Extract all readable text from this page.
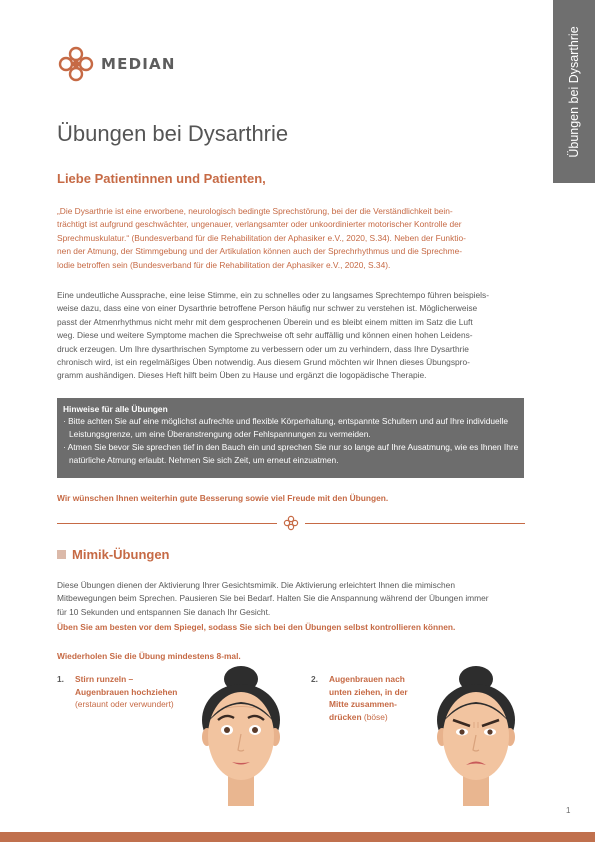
MEDIAN	Übungen bei Dysarthrie
Übungen bei Dysarthrie
Liebe Patientinnen und Patienten,
„Die Dysarthrie ist eine erworbene, neurologisch bedingte Sprechstörung, bei der die Verständlichkeit bein-
trächtigt ist aufgrund geschwächter, ungenauer, verlangsamter oder unkoordinierter motorischer Kontrolle der
Sprechmuskulatur.“ (Bundesverband für die Rehabilitation der Aphasiker e.V., 2020, S.34). Neben der Funktio-
nen der Atmung, der Stimmgebung und der Artikulation können auch der Sprechrhythmus und die Sprechme-
lodie betroffen sein (Bundesverband für die Rehabilitation der Aphasiker e.V., 2020, S.34).
Eine undeutliche Aussprache, eine leise Stimme, ein zu schnelles oder zu langsames Sprechtempo führen beispiels-
weise dazu, dass eine von einer Dysarthrie betroffene Person häufig nur schwer zu verstehen ist. Möglicherweise
passt der Atmenrhythmus nicht mehr mit dem gesprochenen Überein und es bleibt einem mitten im Satz die Luft
weg. Diese und weitere Symptome machen die Sprechweise oft sehr auffällig und können einen hohen Leidens-
druck erzeugen. Um Ihre dysarthrischen Symptome zu verbessern oder um zu verhindern, dass Ihre Dysarthrie
chronisch wird, ist ein regelmäßiges Üben notwendig. Aus diesem Grund möchten wir Ihnen dieses Übungspro-
gramm aushändigen. Dieses Heft hilft beim Üben zu Hause und ergänzt die logopädische Therapie.
Hinweise für alle Übungen
· Bitte achten Sie auf eine möglichst aufrechte und flexible Körperhaltung, entspannte Schultern und auf Ihre individuelle Leistungsgrenze, um eine Überanstrengung oder Fehlspannungen zu vermeiden.
· Atmen Sie bevor Sie sprechen tief in den Bauch ein und sprechen Sie nur so lange auf Ihre Ausatmung, wie es Ihnen Ihre natürliche Atmung erlaubt. Nehmen Sie sich Zeit, um erneut einzuatmen.
Wir wünschen Ihnen weiterhin gute Besserung sowie viel Freude mit den Übungen.
Mimik-Übungen
Diese Übungen dienen der Aktivierung Ihrer Gesichtsmimik. Die Aktivierung erleichtert Ihnen die mimischen
Mitbewegungen beim Sprechen. Pausieren Sie bei Bedarf. Halten Sie die Anspannung während der Übungen immer
für 10 Sekunden und entspannen Sie danach Ihr Gesicht.
Üben Sie am besten vor dem Spiegel, sodass Sie sich bei den Übungen selbst kontrollieren können.
Wiederholen Sie die Übung mindestens 8-mal.
1. Stirn runzeln –
Augenbrauen hochziehen
(erstaunt oder verwundert)
2. Augenbrauen nach
unten ziehen, in der
Mitte zusammen-
drücken (böse)
1
